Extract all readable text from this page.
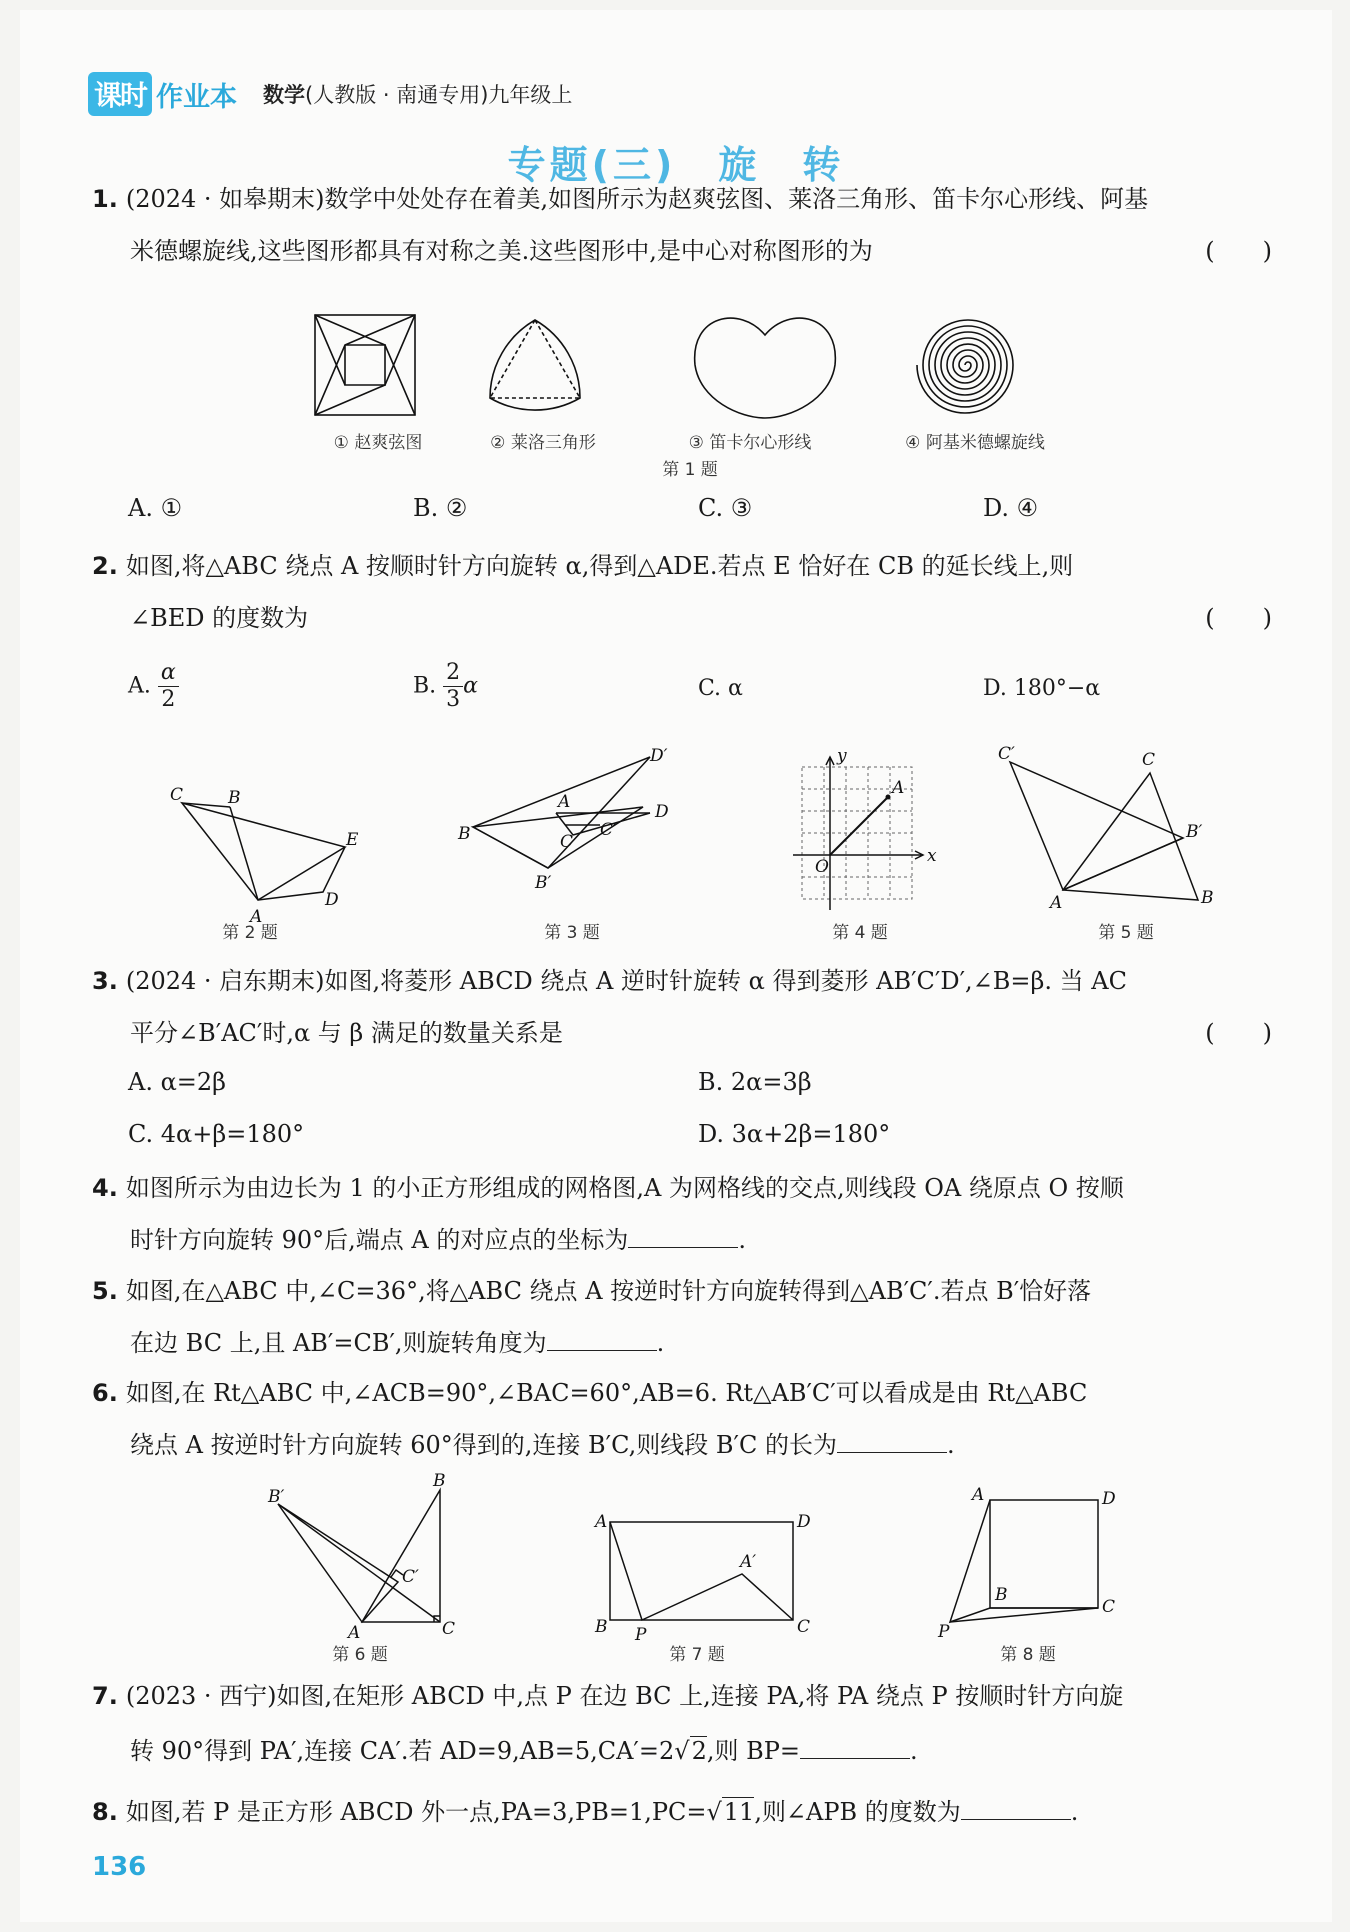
课时 作业本 数学(人教版 · 南通专用)九年级上
专题(三)　旋　转
1. (2024 · 如皋期末)数学中处处存在着美,如图所示为赵爽弦图、莱洛三角形、笛卡尔心形线、阿基
米德螺旋线,这些图形都具有对称之美.这些图形中,是中心对称图形的为	(　　)
① 赵爽弦图	② 莱洛三角形	③ 笛卡尔心形线	④ 阿基米德螺旋线
第 1 题
A. ①	B. ②	C. ③	D. ④
2. 如图,将△ABC 绕点 A 按顺时针方向旋转 α,得到△ADE.若点 E 恰好在 CB 的延长线上,则
∠BED 的度数为	(　　)
A. $\frac{\alpha}{2}$	B. $\frac{2}{3}$ α	C. α	D. 180°−α
C	B
E
A
D
D′
A
C′
D
B	C
B′
y
A
O
x
C′	C
B′
A	B
第 2 题	第 3 题	第 4 题	第 5 题
3. (2024 · 启东期末)如图,将菱形 ABCD 绕点 A 逆时针旋转 α 得到菱形 AB′C′D′,∠B=β. 当 AC
平分∠B′AC′时,α 与 β 满足的数量关系是	(　　)
A. α=2β	B. 2α=3β
C. 4α+β=180°	D. 3α+2β=180°
4. 如图所示为由边长为 1 的小正方形组成的网格图,A 为网格线的交点,则线段 OA 绕原点 O 按顺
时针方向旋转 90°后,端点 A 的对应点的坐标为	.
5. 如图,在△ABC 中,∠C=36°,将△ABC 绕点 A 按逆时针方向旋转得到△AB′C′.若点 B′恰好落
在边 BC 上,且 AB′=CB′,则旋转角度为	.
6. 如图,在 Rt△ABC 中,∠ACB=90°,∠BAC=60°,AB=6. Rt△AB′C′可以看成是由 Rt△ABC
绕点 A 按逆时针方向旋转 60°得到的,连接 B′C,则线段 B′C 的长为	.
B′
B
C′
A	C
A	D
A′
B P	C
A	D
B
C
P
第 6 题	第 7 题	第 8 题
7. (2023 · 西宁)如图,在矩形 ABCD 中,点 P 在边 BC 上,连接 PA,将 PA 绕点 P 按顺时针方向旋
转 90°得到 PA′,连接 CA′.若 AD=9,AB=5,CA′=2√2,则 BP=	.
8. 如图,若 P 是正方形 ABCD 外一点,PA=3,PB=1,PC=√11,则∠APB 的度数为	.
136
